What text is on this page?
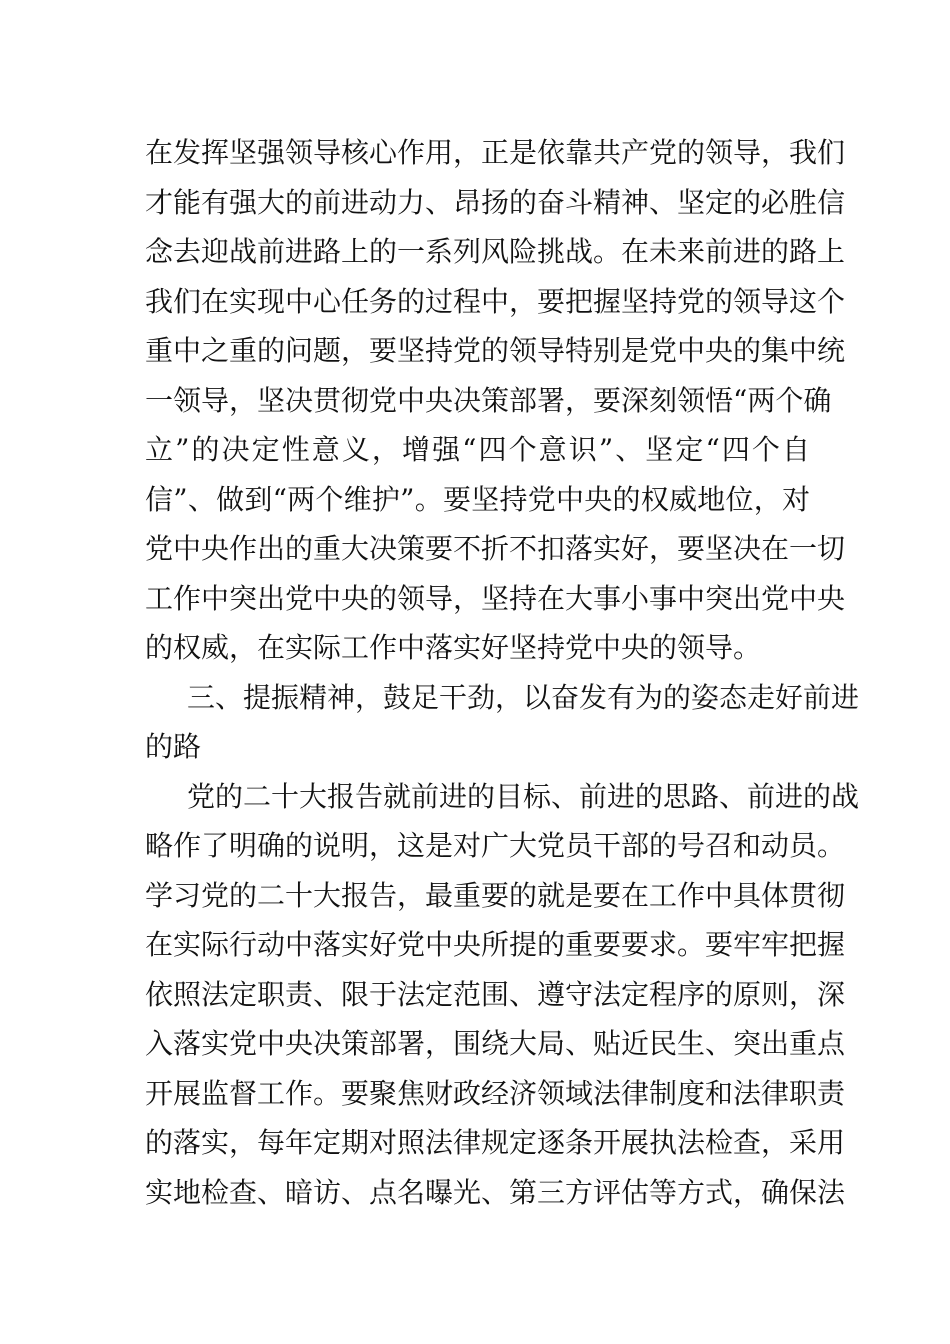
在发挥坚强领导核心作用，正是依靠共产党的领导，我们
才能有强大的前进动力、昂扬的奋斗精神、坚定的必胜信
念去迎战前进路上的一系列风险挑战。在未来前进的路上
我们在实现中心任务的过程中，要把握坚持党的领导这个
重中之重的问题，要坚持党的领导特别是党中央的集中统
一领导，坚决贯彻党中央决策部署，要深刻领悟“两个确
立”的决定性意义，增强“四个意识”、坚定“四个自
信”、做到“两个维护”。要坚持党中央的权威地位，对
党中央作出的重大决策要不折不扣落实好，要坚决在一切
工作中突出党中央的领导，坚持在大事小事中突出党中央
的权威，在实际工作中落实好坚持党中央的领导。
三、提振精神，鼓足干劲，以奋发有为的姿态走好前进
的路
党的二十大报告就前进的目标、前进的思路、前进的战
略作了明确的说明，这是对广大党员干部的号召和动员。
学习党的二十大报告，最重要的就是要在工作中具体贯彻
在实际行动中落实好党中央所提的重要要求。要牢牢把握
依照法定职责、限于法定范围、遵守法定程序的原则，深
入落实党中央决策部署，围绕大局、贴近民生、突出重点
开展监督工作。要聚焦财政经济领域法律制度和法律职责
的落实，每年定期对照法律规定逐条开展执法检查，采用
实地检查、暗访、点名曝光、第三方评估等方式，确保法
